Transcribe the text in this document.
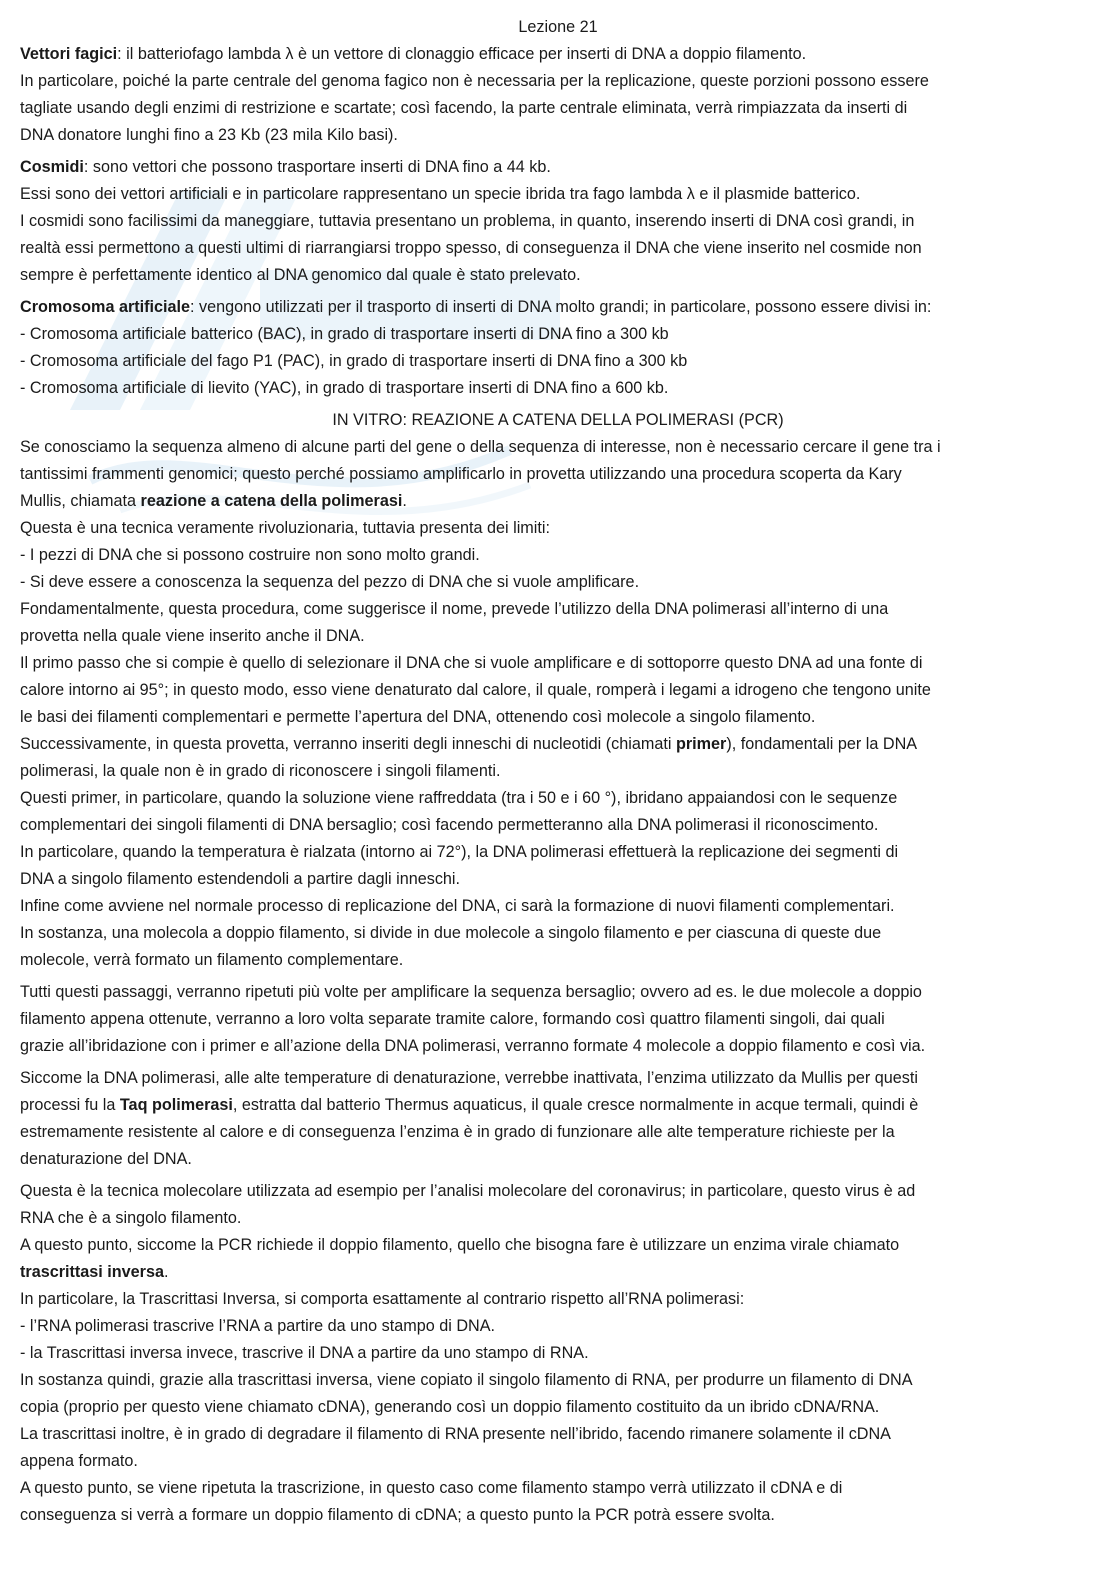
Lezione 21

Vettori fagici: il batteriofago lambda λ è un vettore di clonaggio efficace per inserti di DNA a doppio filamento.

In particolare, poiché la parte centrale del genoma fagico non è necessaria per la replicazione, queste porzioni possono essere

tagliate usando degli enzimi di restrizione e scartate; così facendo, la parte centrale eliminata, verrà rimpiazzata da inserti di

DNA donatore lunghi fino a 23 Kb (23 mila Kilo basi).

Cosmidi: sono vettori che possono trasportare inserti di DNA fino a 44 kb.

Essi sono dei vettori artificiali e in particolare rappresentano un specie ibrida tra fago lambda λ e il plasmide batterico.

I cosmidi sono facilissimi da maneggiare, tuttavia presentano un problema, in quanto, inserendo inserti di DNA così grandi, in

realtà essi permettono a questi ultimi di riarrangiarsi troppo spesso, di conseguenza il DNA che viene inserito nel cosmide non

sempre è perfettamente identico al DNA genomico dal quale è stato prelevato.

Cromosoma artificiale: vengono utilizzati per il trasporto di inserti di DNA molto grandi; in particolare, possono essere divisi in:

- Cromosoma artificiale batterico (BAC), in grado di trasportare inserti di DNA fino a 300 kb

- Cromosoma artificiale del fago P1 (PAC), in grado di trasportare inserti di DNA fino a 300 kb

- Cromosoma artificiale di lievito (YAC), in grado di trasportare inserti di DNA fino a 600 kb.

IN VITRO: REAZIONE A CATENA DELLA POLIMERASI (PCR)

Se conosciamo la sequenza almeno di alcune parti del gene o della sequenza di interesse, non è necessario cercare il gene tra i

tantissimi frammenti genomici; questo perché possiamo amplificarlo in provetta utilizzando una procedura scoperta da Kary

Mullis, chiamata reazione a catena della polimerasi.

Questa è una tecnica veramente rivoluzionaria, tuttavia presenta dei limiti:

- I pezzi di DNA che si possono costruire non sono molto grandi.

- Si deve essere a conoscenza la sequenza del pezzo di DNA che si vuole amplificare.

Fondamentalmente, questa procedura, come suggerisce il nome, prevede l’utilizzo della DNA polimerasi all’interno di una

provetta nella quale viene inserito anche il DNA.

Il primo passo che si compie è quello di selezionare il DNA che si vuole amplificare e di sottoporre questo DNA ad una fonte di

calore intorno ai 95°; in questo modo, esso viene denaturato dal calore, il quale, romperà i legami a idrogeno che tengono unite

le basi dei filamenti complementari e permette l’apertura del DNA, ottenendo così molecole a singolo filamento.

Successivamente, in questa provetta, verranno inseriti degli inneschi di nucleotidi (chiamati primer), fondamentali per la DNA

polimerasi, la quale non è in grado di riconoscere i singoli filamenti.

Questi primer, in particolare, quando la soluzione viene raffreddata (tra i 50 e i 60 °), ibridano appaiandosi con le sequenze

complementari dei singoli filamenti di DNA bersaglio; così facendo permetteranno alla DNA polimerasi il riconoscimento.

In particolare, quando la temperatura è rialzata (intorno ai 72°), la DNA polimerasi effettuerà la replicazione dei segmenti di

DNA a singolo filamento estendendoli a partire dagli inneschi.

Infine come avviene nel normale processo di replicazione del DNA, ci sarà la formazione di nuovi filamenti complementari.

In sostanza, una molecola a doppio filamento, si divide in due molecole a singolo filamento e per ciascuna di queste due

molecole, verrà formato un filamento complementare.

Tutti questi passaggi, verranno ripetuti più volte per amplificare la sequenza bersaglio; ovvero ad es. le due molecole a doppio

filamento appena ottenute, verranno a loro volta separate tramite calore, formando così quattro filamenti singoli, dai quali

grazie all’ibridazione con i primer e all’azione della DNA polimerasi, verranno formate 4 molecole a doppio filamento e così via.

Siccome la DNA polimerasi, alle alte temperature di denaturazione, verrebbe inattivata, l’enzima utilizzato da Mullis per questi

processi fu la Taq polimerasi, estratta dal batterio Thermus aquaticus, il quale cresce normalmente in acque termali, quindi è

estremamente resistente al calore e di conseguenza l’enzima è in grado di funzionare alle alte temperature richieste per la

denaturazione del DNA.

Questa è la tecnica molecolare utilizzata ad esempio per l’analisi molecolare del coronavirus; in particolare, questo virus è ad

RNA che è a singolo filamento.

A questo punto, siccome la PCR richiede il doppio filamento, quello che bisogna fare è utilizzare un enzima virale chiamato

trascrittasi inversa.

In particolare, la Trascrittasi Inversa, si comporta esattamente al contrario rispetto all’RNA polimerasi:

- l’RNA polimerasi trascrive l’RNA a partire da uno stampo di DNA.

- la Trascrittasi inversa invece, trascrive il DNA a partire da uno stampo di RNA.

In sostanza quindi, grazie alla trascrittasi inversa, viene copiato il singolo filamento di RNA, per produrre un filamento di DNA

copia (proprio per questo viene chiamato cDNA), generando così un doppio filamento costituito da un ibrido cDNA/RNA.

La trascrittasi inoltre, è in grado di degradare il filamento di RNA presente nell’ibrido, facendo rimanere solamente il cDNA

appena formato.

A questo punto, se viene ripetuta la trascrizione, in questo caso come filamento stampo verrà utilizzato il cDNA e di

conseguenza si verrà a formare un doppio filamento di cDNA; a questo punto la PCR potrà essere svolta.
